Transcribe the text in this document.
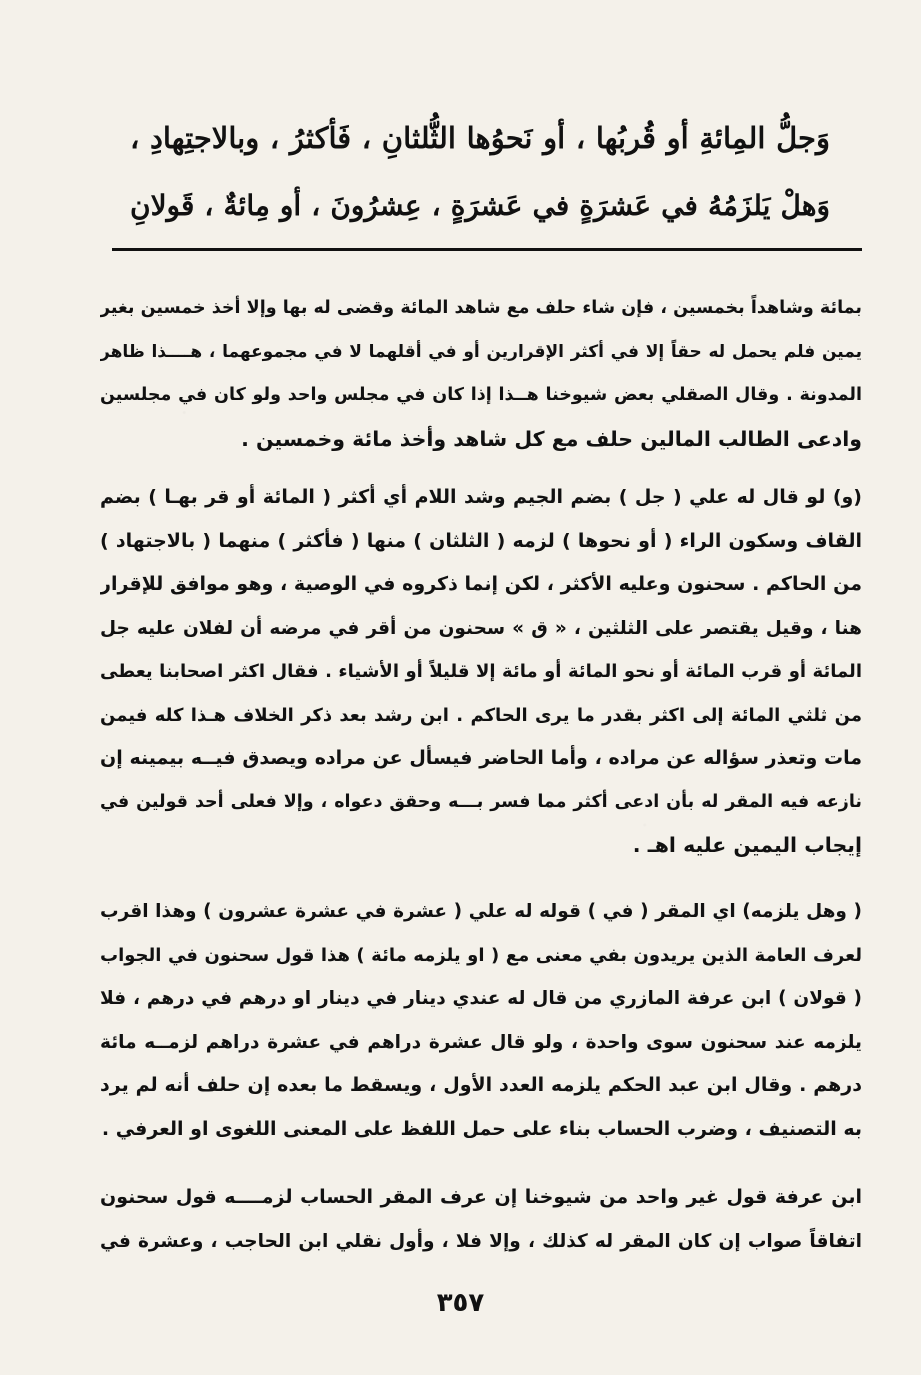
وَجلُّ المِائةِ أو قُربُها ، أو نَحوُها الثُّلثانِ ، فَأكثرُ ، وبالاجتِهادِ ،
وَهلْ يَلزَمُهُ في عَشرَةٍ في عَشرَةٍ ، عِشرُونَ ، أو مِائةٌ ، قَولانِ
بمائة وشاهداً بخمسين ، فإن شاء حلف مع شاهد المائة وقضى له بها وإلا أخذ خمسين بغير
يمين فلم يحمل له حقاً إلا في أكثر الإقرارين أو في أقلهما لا في مجموعهما ، هــــذا ظاهر
المدونة . وقال الصقلي بعض شيوخنا هــذا إذا كان في مجلس واحد ولو كان في مجلسين
وادعى الطالب المالين حلف مع كل شاهد وأخذ مائة وخمسين .
(و) لو قال له علي ( جل ) بضم الجيم وشد اللام أي أكثر ( المائة أو قر بهـا ) بضم
القاف وسكون الراء ( أو نحوها ) لزمه ( الثلثان ) منها ( فأكثر ) منهما ( بالاجتهاد )
من الحاكم . سحنون وعليه الأكثر ، لكن إنما ذكروه في الوصية ، وهو موافق للإقرار
هنا ، وقيل يقتصر على الثلثين ، « ق » سحنون من أقر في مرضه أن لفلان عليه جل
المائة أو قرب المائة أو نحو المائة أو مائة إلا قليلاً أو الأشياء . فقال اكثر اصحابنا يعطى
من ثلثي المائة إلى اكثر بقدر ما يرى الحاكم . ابن رشد بعد ذكر الخلاف هـذا كله فيمن
مات وتعذر سؤاله عن مراده ، وأما الحاضر فيسأل عن مراده ويصدق فيــه بيمينه إن
نازعه فيه المقر له بأن ادعى أكثر مما فسر بـــه وحقق دعواه ، وإلا فعلى أحد قولين في
إيجاب اليمين عليه اهـ .
( وهل يلزمه) اي المقر ( في ) قوله له علي ( عشرة في عشرة عشرون ) وهذا اقرب
لعرف العامة الذين يريدون بفي معنى مع ( او يلزمه مائة ) هذا قول سحنون في الجواب
( قولان ) ابن عرفة المازري من قال له عندي دينار في دينار او درهم في درهم ، فلا
يلزمه عند سحنون سوى واحدة ، ولو قال عشرة دراهم في عشرة دراهم لزمــه مائة
درهم . وقال ابن عبد الحكم يلزمه العدد الأول ، ويسقط ما بعده إن حلف أنه لم يرد
به التصنيف ، وضرب الحساب بناء على حمل اللفظ على المعنى اللغوى او العرفي .
ابن عرفة قول غير واحد من شيوخنا إن عرف المقر الحساب لزمــــه قول سحنون
اتفاقاً صواب إن كان المقر له كذلك ، وإلا فلا ، وأول نقلي ابن الحاجب ، وعشرة في
٣٥٧
